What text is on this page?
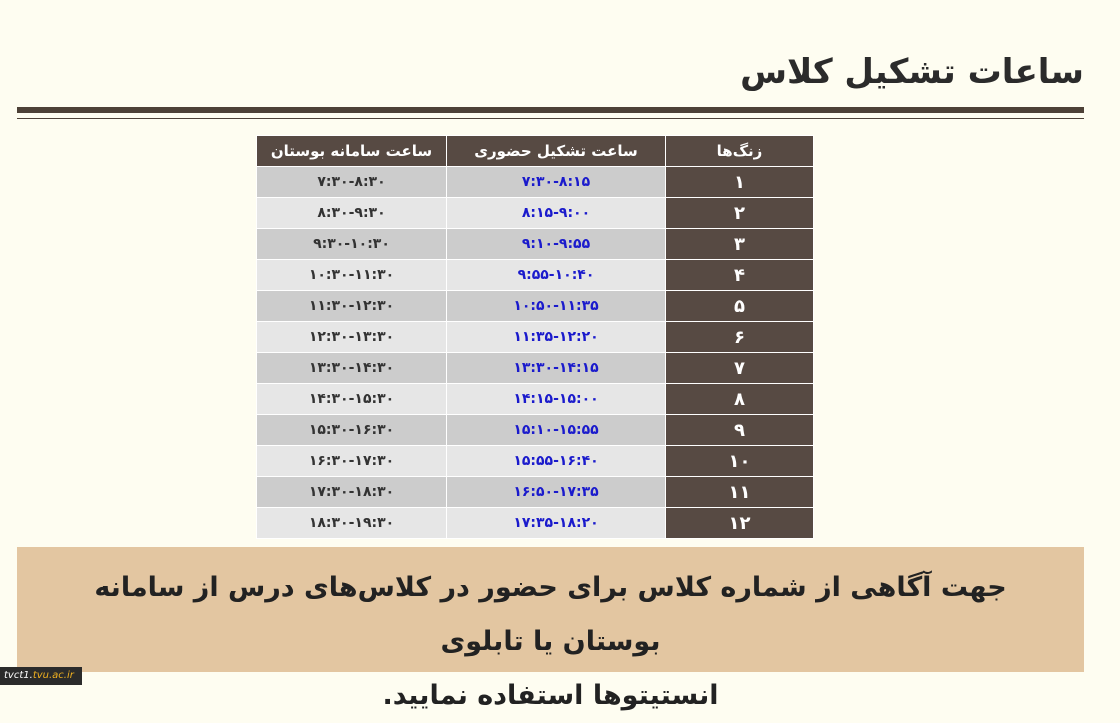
ساعات تشکیل کلاس
زنگ‌ها	ساعت تشکیل حضوری	ساعت سامانه بوستان
۱	۷:۳۰-۸:۱۵	۷:۳۰-۸:۳۰
۲	۸:۱۵-۹:۰۰	۸:۳۰-۹:۳۰
۳	۹:۱۰-۹:۵۵	۹:۳۰-۱۰:۳۰
۴	۹:۵۵-۱۰:۴۰	۱۰:۳۰-۱۱:۳۰
۵	۱۰:۵۰-۱۱:۳۵	۱۱:۳۰-۱۲:۳۰
۶	۱۱:۳۵-۱۲:۲۰	۱۲:۳۰-۱۳:۳۰
۷	۱۳:۳۰-۱۴:۱۵	۱۳:۳۰-۱۴:۳۰
۸	۱۴:۱۵-۱۵:۰۰	۱۴:۳۰-۱۵:۳۰
۹	۱۵:۱۰-۱۵:۵۵	۱۵:۳۰-۱۶:۳۰
۱۰	۱۵:۵۵-۱۶:۴۰	۱۶:۳۰-۱۷:۳۰
۱۱	۱۶:۵۰-۱۷:۳۵	۱۷:۳۰-۱۸:۳۰
۱۲	۱۷:۳۵-۱۸:۲۰	۱۸:۳۰-۱۹:۳۰

جهت آگاهی از شماره کلاس برای حضور در کلاس‌های درس از سامانه بوستان یا تابلوی

انستیتوها استفاده نمایید.

tvct1.tvu.ac.ir
